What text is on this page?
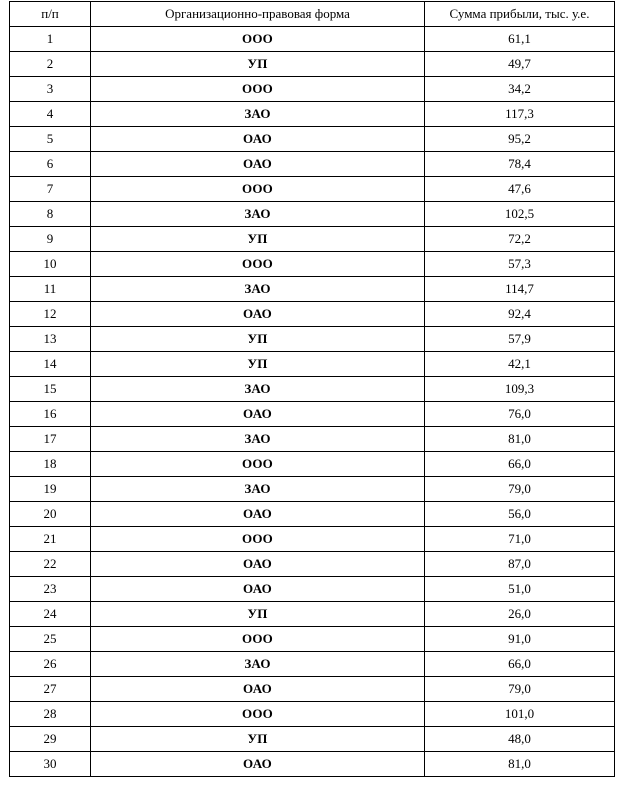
п/п	Организационно-правовая форма	Сумма прибыли, тыс. у.е.
1	ООО	61,1
2	УП	49,7
3	ООО	34,2
4	ЗАО	117,3
5	ОАО	95,2
6	ОАО	78,4
7	ООО	47,6
8	ЗАО	102,5
9	УП	72,2
10	ООО	57,3
11	ЗАО	114,7
12	ОАО	92,4
13	УП	57,9
14	УП	42,1
15	ЗАО	109,3
16	ОАО	76,0
17	ЗАО	81,0
18	ООО	66,0
19	ЗАО	79,0
20	ОАО	56,0
21	ООО	71,0
22	ОАО	87,0
23	ОАО	51,0
24	УП	26,0
25	ООО	91,0
26	ЗАО	66,0
27	ОАО	79,0
28	ООО	101,0
29	УП	48,0
30	ОАО	81,0
